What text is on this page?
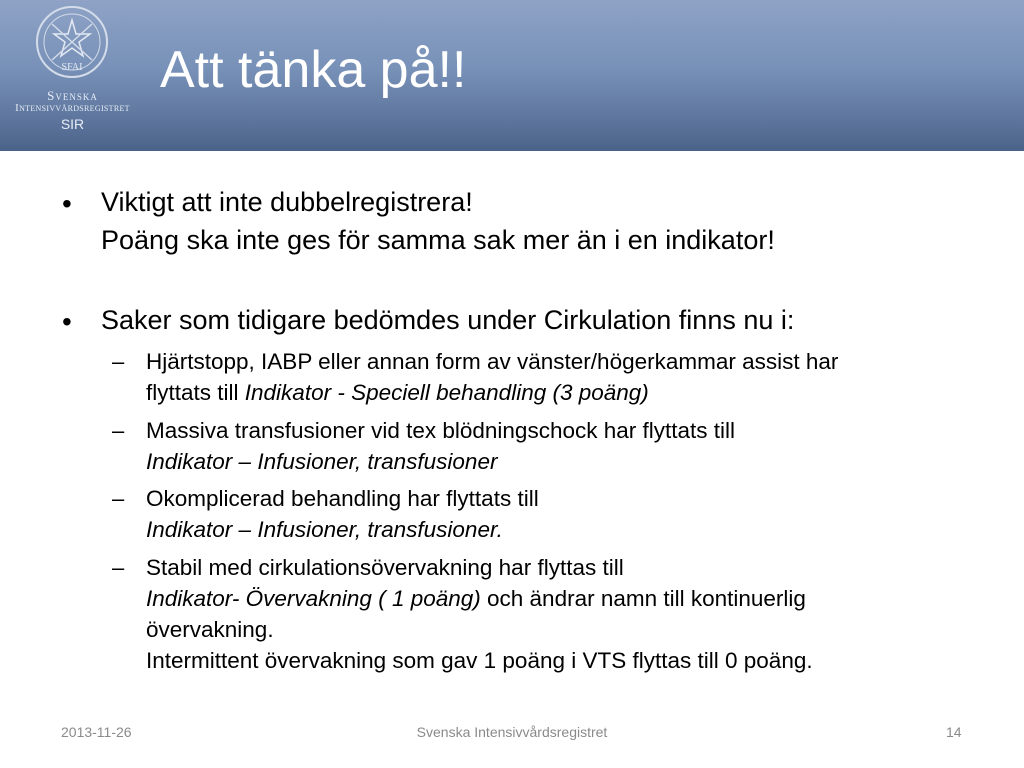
SFAI
Svenska
Intensivvårdsregistret
SIR
Att tänka på!!
• Viktigt att inte dubbelregistrera!
Poäng ska inte ges för samma sak mer än i en indikator!
• Saker som tidigare bedömdes under Cirkulation finns nu i:
– Hjärtstopp, IABP eller annan form av vänster/högerkammar assist har
flyttats till Indikator - Speciell behandling (3 poäng)
– Massiva transfusioner vid tex blödningschock har flyttats till
Indikator – Infusioner, transfusioner
– Okomplicerad behandling har flyttats till
Indikator – Infusioner, transfusioner.
– Stabil med cirkulationsövervakning har flyttas till
Indikator- Övervakning ( 1 poäng) och ändrar namn till kontinuerlig
övervakning.
Intermittent övervakning som gav 1 poäng i VTS flyttas till 0 poäng.
2013-11-26	Svenska Intensivvårdsregistret	14
